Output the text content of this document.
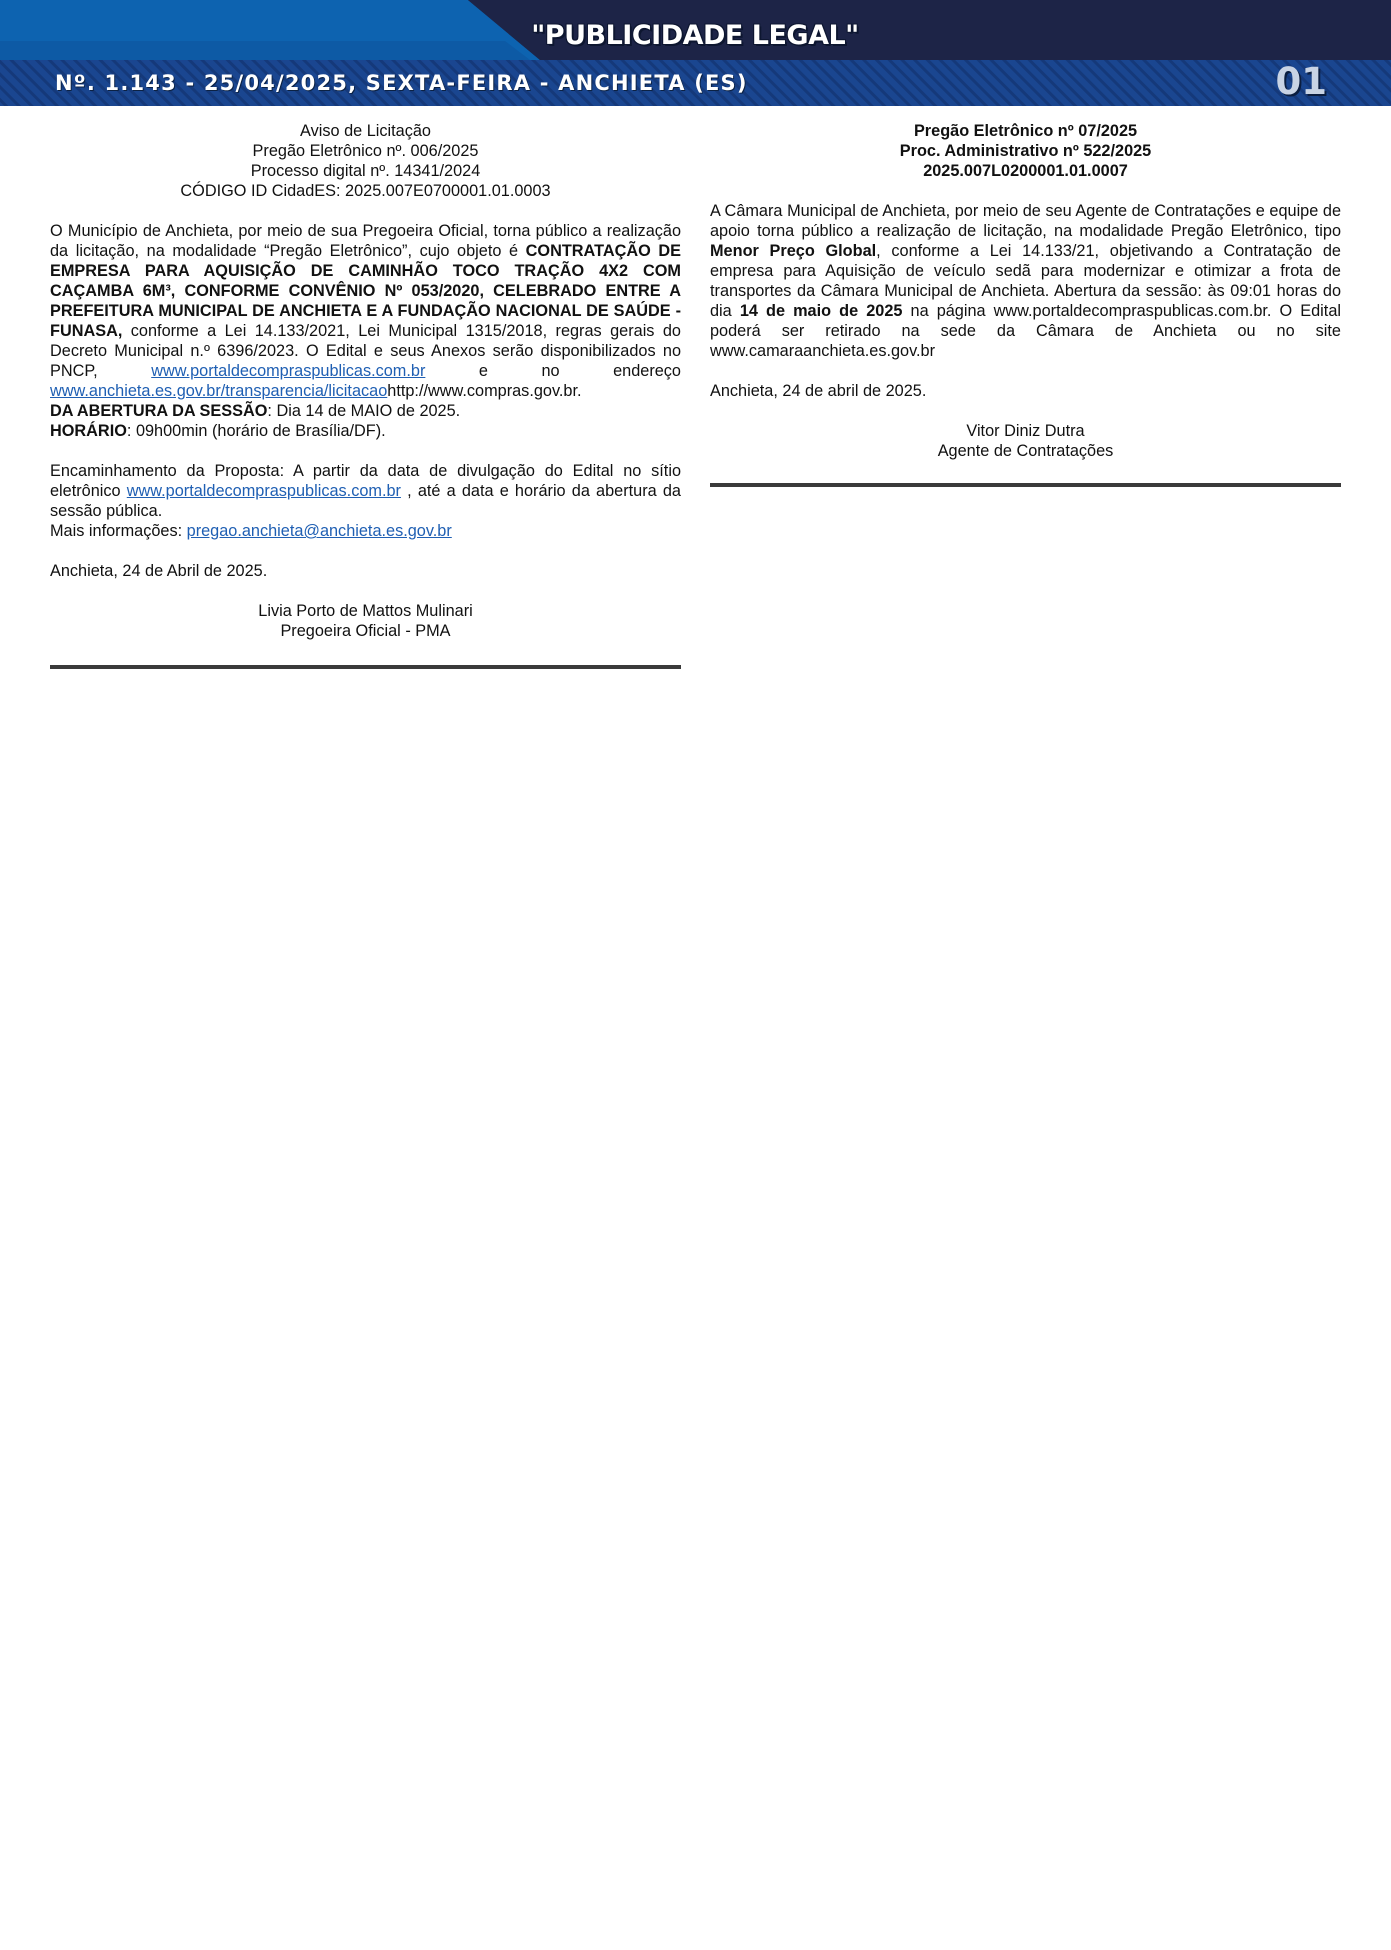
"PUBLICIDADE LEGAL"
Nº. 1.143 - 25/04/2025, SEXTA-FEIRA - ANCHIETA (ES)	01
Aviso de Licitação
Pregão Eletrônico nº. 006/2025
Processo digital nº. 14341/2024
CÓDIGO ID CidadES: 2025.007E0700001.01.0003

O Município de Anchieta, por meio de sua Pregoeira Oficial, torna público a realização da licitação, na modalidade “Pregão Eletrônico”, cujo objeto é CONTRATAÇÃO DE EMPRESA PARA AQUISIÇÃO DE CAMINHÃO TOCO TRAÇÃO 4X2 COM CAÇAMBA 6M³, CONFORME CONVÊNIO Nº 053/2020, CELEBRADO ENTRE A PREFEITURA MUNICIPAL DE ANCHIETA E A FUNDAÇÃO NACIONAL DE SAÚDE - FUNASA, conforme a Lei 14.133/2021, Lei Municipal 1315/2018, regras gerais do Decreto Municipal n.º 6396/2023. O Edital e seus Anexos serão disponibilizados no PNCP, www.portaldecompraspublicas.com.br e no endereço www.anchieta.es.gov.br/transparencia/licitacaohttp://www.compras.gov.br.

DA ABERTURA DA SESSÃO: Dia 14 de MAIO de 2025.
HORÁRIO: 09h00min (horário de Brasília/DF).

Encaminhamento da Proposta: A partir da data de divulgação do Edital no sítio eletrônico www.portaldecompraspublicas.com.br , até a data e horário da abertura da sessão pública.

Mais informações: pregao.anchieta@anchieta.es.gov.br
Anchieta, 24 de Abril de 2025.
Livia Porto de Mattos Mulinari
Pregoeira Oficial - PMA
Pregão Eletrônico nº 07/2025
Proc. Administrativo nº 522/2025
2025.007L0200001.01.0007

A Câmara Municipal de Anchieta, por meio de seu Agente de Contratações e equipe de apoio torna público a realização de licitação, na modalidade Pregão Eletrônico, tipo Menor Preço Global, conforme a Lei 14.133/21, objetivando a Contratação de empresa para Aquisição de veículo sedã para modernizar e otimizar a frota de transportes da Câmara Municipal de Anchieta. Abertura da sessão: às 09:01 horas do dia 14 de maio de 2025 na página www.portaldecompraspublicas.com.br. O Edital poderá ser retirado na sede da Câmara de Anchieta ou no site www.camaraanchieta.es.gov.br

Anchieta, 24 de abril de 2025.
Vitor Diniz Dutra
Agente de Contratações
